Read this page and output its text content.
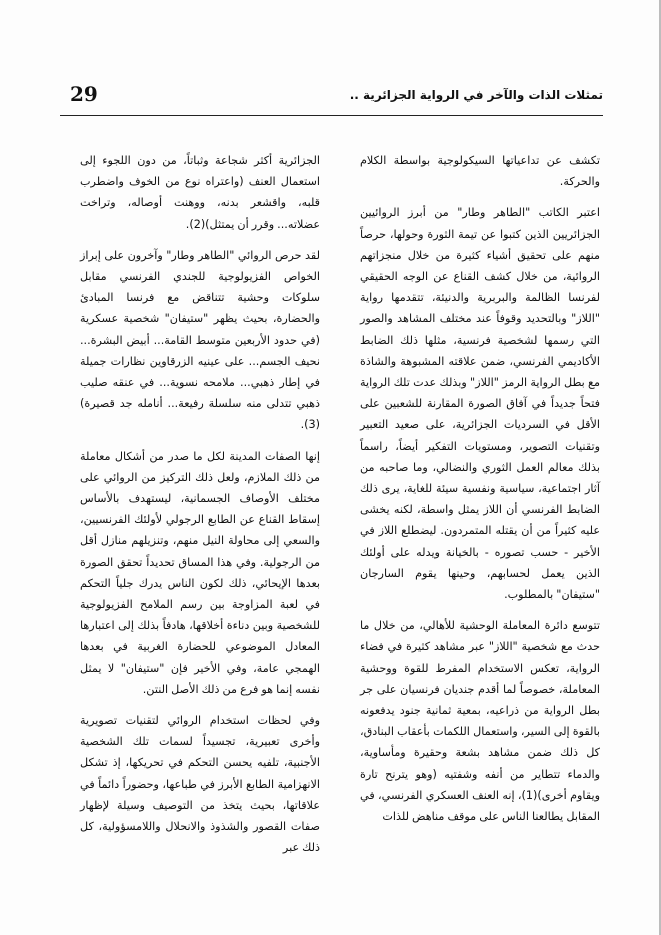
29	تمثلات الذات والآخر في الرواية الجزائرية ..

تكشف عن تداعياتها السيكولوجية بواسطة الكلام والحركة.

اعتبر الكاتب "الطاهر وطار" من أبرز الروائيين الجزائريين الذين كتبوا عن تيمة الثورة وحولها، حرصاً منهم على تحقيق أشياء كثيرة من خلال منجزاتهم الروائية، من خلال كشف القناع عن الوجه الحقيقي لفرنسا الظالمة والبربرية والدنيئة، تتقدمها رواية "اللاز" وبالتحديد وقوفاً عند مختلف المشاهد والصور التي رسمها لشخصية فرنسية، مثلها ذلك الضابط الأكاديمي الفرنسي، ضمن علاقته المشبوهة والشاذة مع بطل الرواية الرمز "اللاز" وبذلك عدت تلك الرواية فتحاً جديداً في آفاق الصورة المقارنة للشعبين على الأقل في السرديات الجزائرية، على صعيد التعبير وتقنيات التصوير، ومستويات التفكير أيضاً، راسماً بذلك معالم العمل الثوري والنضالي، وما صاحبه من آثار اجتماعية، سياسية ونفسية سيئة للغاية، يرى ذلك الضابط الفرنسي أن اللاز يمثل واسطة، لكنه يخشى عليه كثيراً من أن يقتله المتمردون. ليضطلع اللاز في الأخير - حسب تصوره - بالخيانة ويدله على أولئك الذين يعمل لحسابهم، وحينها يقوم السارجان "ستيفان" بالمطلوب.

تتوسع دائرة المعاملة الوحشية للأهالي، من خلال ما حدث مع شخصية "اللاز" عبر مشاهد كثيرة في فضاء الرواية، تعكس الاستخدام المفرط للقوة ووحشية المعاملة، خصوصاً لما أقدم جنديان فرنسيان على جر بطل الرواية من ذراعيه، بمعية ثمانية جنود يدفعونه بالقوة إلى السير، واستعمال اللكمات بأعقاب البنادق، كل ذلك ضمن مشاهد بشعة وحقيرة ومأساوية، والدماء تتطاير من أنفه وشفتيه (وهو يترنح تارة ويقاوم أخرى)(1)، إنه العنف العسكري الفرنسي، في المقابل يطالعنا الناس على موقف مناهض للذات

الجزائرية أكثر شجاعة وثباتاً، من دون اللجوء إلى استعمال العنف (واعتراه نوع من الخوف واضطرب قلبه، واقشعر بدنه، ووهنت أوصاله، وتراخت عضلاته... وقرر أن يمتثل)(2).

لقد حرص الروائي "الطاهر وطار" وآخرون على إبراز الخواص الفزيولوجية للجندي الفرنسي مقابل سلوكات وحشية تتناقض مع فرنسا المبادئ والحضارة، بحيث يظهر "ستيفان" شخصية عسكرية (في حدود الأربعين متوسط القامة... أبيض البشرة... نحيف الجسم... على عينيه الزرقاوين نظارات جميلة في إطار ذهبي... ملامحه نسوية... في عنقه صليب ذهبي تتدلى منه سلسلة رفيعة... أنامله جد قصيرة)(3).

إنها الصفات المدينة لكل ما صدر من أشكال معاملة من ذلك الملازم، ولعل ذلك التركيز من الروائي على مختلف الأوصاف الجسمانية، ليستهدف بالأساس إسقاط القناع عن الطابع الرجولي لأولئك الفرنسيين، والسعي إلى محاولة النيل منهم، وتنزيلهم منازل أقل من الرجولية. وفي هذا المساق تحديداً تحقق الصورة بعدها الإيحائي، ذلك لكون الناس يدرك جلياً التحكم في لعبة المزاوجة بين رسم الملامح الفزيولوجية للشخصية وبين دناءة أخلاقها، هادفاً بذلك إلى اعتبارها المعادل الموضوعي للحضارة الغربية في بعدها الهمجي عامة، وفي الأخير فإن "ستيفان" لا يمثل نفسه إنما هو فرع من ذلك الأصل النتن.

وفي لحظات استخدام الروائي لتقنيات تصويرية وأخرى تعبيرية، تجسيداً لسمات تلك الشخصية الأجنبية، تلفيه يحسن التحكم في تحريكها، إذ تشكل الانهزامية الطابع الأبرز في طباعها، وحضوراً دائماً في علاقاتها، بحيث يتخذ من التوصيف وسيلة لإظهار صفات القصور والشذوذ والانحلال واللامسؤولية، كل ذلك عبر
